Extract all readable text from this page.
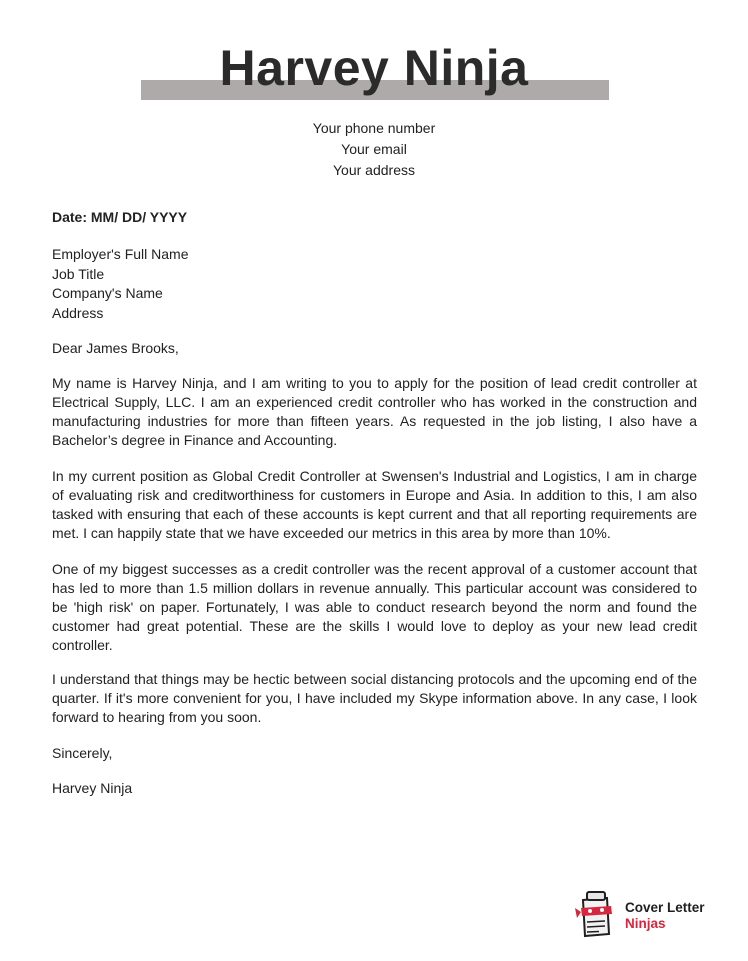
Harvey Ninja
Your phone number
Your email
Your address
Date: MM/ DD/ YYYY
Employer's Full Name
Job Title
Company's Name
Address
Dear James Brooks,
My name is Harvey Ninja, and I am writing to you to apply for the position of lead credit controller at Electrical Supply, LLC. I am an experienced credit controller who has worked in the construction and manufacturing industries for more than fifteen years. As requested in the job listing, I also have a Bachelor’s degree in Finance and Accounting.
In my current position as Global Credit Controller at Swensen's Industrial and Logistics, I am in charge of evaluating risk and creditworthiness for customers in Europe and Asia. In addition to this, I am also tasked with ensuring that each of these accounts is kept current and that all reporting requirements are met. I can happily state that we have exceeded our metrics in this area by more than 10%.
One of my biggest successes as a credit controller was the recent approval of a customer account that has led to more than 1.5 million dollars in revenue annually. This particular account was considered to be 'high risk' on paper. Fortunately, I was able to conduct research beyond the norm and found the customer had great potential. These are the skills I would love to deploy as your new lead credit controller.
I understand that things may be hectic between social distancing protocols and the upcoming end of the quarter. If it's more convenient for you, I have included my Skype information above. In any case, I look forward to hearing from you soon.
Sincerely,
Harvey Ninja
Cover Letter
Ninjas
